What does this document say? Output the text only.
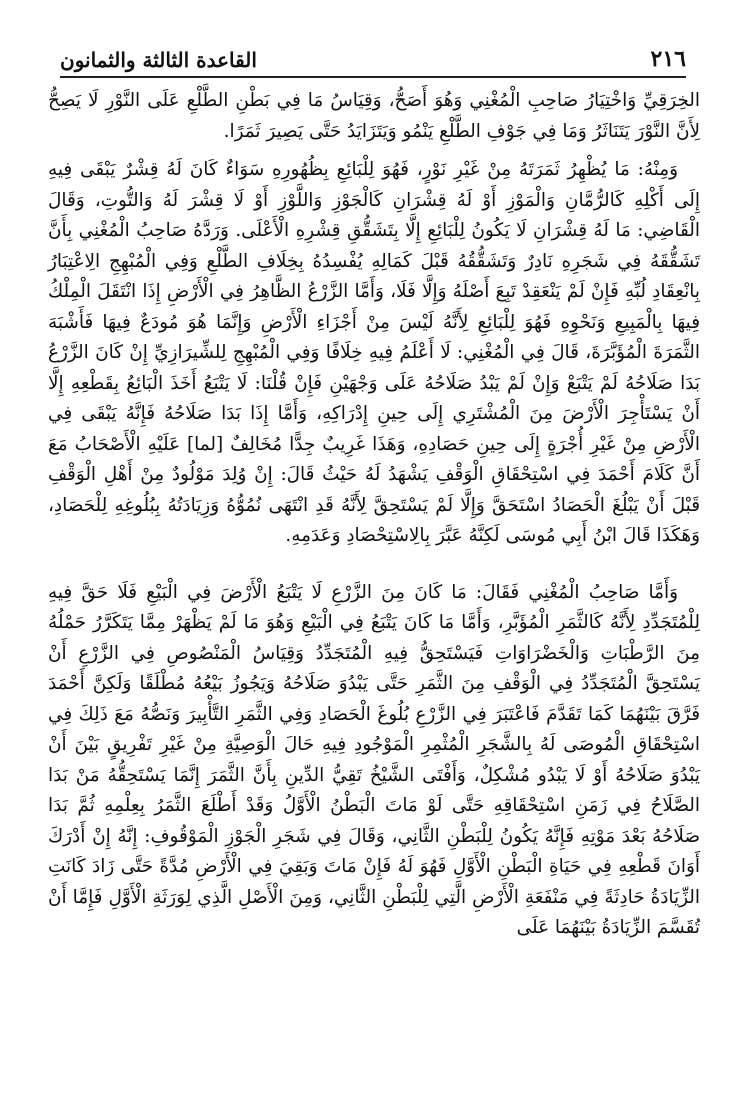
٢١٦
القاعدة الثالثة والثمانون

الخِرَقِيِّ وَاخْتِيَارُ صَاحِبِ الْمُغْنِي وَهُوَ أَصَحُّ، وَقِيَاسُ مَا فِي بَطْنِ الطَّلْعِ عَلَى النَّوْرِ لَا يَصِحُّ لِأَنَّ النَّوْرَ يَتَنَاثَرُ وَمَا فِي جَوْفِ الطَّلْعِ يَنْمُو وَيَتَزَايَدُ حَتَّى يَصِيرَ ثَمَرًا.

وَمِنْهُ: مَا يُظْهِرُ ثَمَرَتَهُ مِنْ غَيْرِ نَوْرٍ، فَهُوَ لِلْبَائِعِ بِظُهُورِهِ سَوَاءٌ كَانَ لَهُ قِشْرٌ يَبْقَى فِيهِ إِلَى أَكْلِهِ كَالرُّمَّانِ وَالْمَوْزِ أَوْ لَهُ قِشْرَانِ كَالْجَوْزِ وَاللَّوْزِ أَوْ لَا قِشْرَ لَهُ وَالتُّوتِ، وَقَالَ الْقَاضِي: مَا لَهُ قِشْرَانِ لَا يَكُونُ لِلْبَائِعِ إِلَّا بِتَشَقُّقِ قِشْرِهِ الْأَعْلَى. وَرَدَّهُ صَاحِبُ الْمُغْنِي بِأَنَّ تَشَقُّقَهُ فِي شَجَرِهِ نَادِرٌ وَتَشَقُّقُهُ قَبْلَ كَمَالِهِ يُفْسِدُهُ بِخِلَافِ الطَّلْعِ وَفِي الْمُبْهِجِ الِاعْتِبَارُ بِانْعِقَادِ لُبِّهِ فَإِنْ لَمْ يَنْعَقِدْ تَبِعَ أَصْلَهُ وَإِلَّا فَلَا، وَأَمَّا الزَّرْعُ الظَّاهِرُ فِي الْأَرْضِ إِذَا انْتَقَلَ الْمِلْكُ فِيهَا بِالْمَبِيعِ وَنَحْوِهِ فَهُوَ لِلْبَائِعِ لِأَنَّهُ لَيْسَ مِنْ أَجْزَاءِ الْأَرْضِ وَإِنَّمَا هُوَ مُودَعٌ فِيهَا فَأَشْبَهَ الثَّمَرَةَ الْمُؤَبَّرَةَ، قَالَ فِي الْمُغْنِي: لَا أَعْلَمُ فِيهِ خِلَافًا وَفِي الْمُبْهِجِ لِلشِّيرَازِيِّ إِنْ كَانَ الزَّرْعُ بَدَا صَلَاحُهُ لَمْ يَتْبَعْ وَإِنْ لَمْ يَبْدُ صَلَاحُهُ عَلَى وَجْهَيْنِ فَإِنْ قُلْنَا: لَا يَتْبَعُ أَخَذَ الْبَائِعُ بِقَطْعِهِ إِلَّا أَنْ يَسْتَأْجِرَ الْأَرْضَ مِنَ الْمُشْتَرِي إِلَى حِينِ إِدْرَاكِهِ، وَأَمَّا إِذَا بَدَا صَلَاحُهُ فَإِنَّهُ يَبْقَى فِي الْأَرْضِ مِنْ غَيْرِ أُجْرَةٍ إِلَى حِينِ حَصَادِهِ، وَهَذَا غَرِيبٌ جِدًّا مُخَالِفٌ [لما] عَلَيْهِ الْأَصْحَابُ مَعَ أَنَّ كَلَامَ أَحْمَدَ فِي اسْتِحْقَاقِ الْوَقْفِ يَشْهَدُ لَهُ حَيْثُ قَالَ: إِنْ وُلِدَ مَوْلُودٌ مِنْ أَهْلِ الْوَقْفِ قَبْلَ أَنْ يَبْلُغَ الْحَصَادُ اسْتَحَقَّ وَإِلَّا لَمْ يَسْتَحِقَّ لِأَنَّهُ قَدِ انْتَهَى نُمُوُّهُ وَزِيَادَتُهُ بِبُلُوغِهِ لِلْحَصَادِ، وَهَكَذَا قَالَ ابْنُ أَبِي مُوسَى لَكِنَّهُ عَبَّرَ بِالِاسْتِحْصَادِ وَعَدَمِهِ.

وَأَمَّا صَاحِبُ الْمُغْنِي فَقَالَ: مَا كَانَ مِنَ الزَّرْعِ لَا يَتْبَعُ الْأَرْضَ فِي الْبَيْعِ فَلَا حَقَّ فِيهِ لِلْمُتَجَدِّدِ لِأَنَّهُ كَالثَّمَرِ الْمُؤَبَّرِ، وَأَمَّا مَا كَانَ يَتْبَعُ فِي الْبَيْعِ وَهُوَ مَا لَمْ يَظْهَرْ مِمَّا يَتَكَرَّرُ حَمْلُهُ مِنَ الرَّطْبَاتِ وَالْخَضْرَاوَاتِ فَيَسْتَحِقُّ فِيهِ الْمُتَجَدِّدُ وَقِيَاسُ الْمَنْصُوصِ فِي الزَّرْعِ أَنْ يَسْتَحِقَّ الْمُتَجَدِّدُ فِي الْوَقْفِ مِنَ الثَّمَرِ حَتَّى يَبْدُوَ صَلَاحُهُ وَيَجُوزُ بَيْعُهُ مُطْلَقًا وَلَكِنَّ أَحْمَدَ فَرَّقَ بَيْنَهُمَا كَمَا تَقَدَّمَ فَاعْتَبَرَ فِي الزَّرْعِ بُلُوغَ الْحَصَادِ وَفِي الثَّمَرِ التَّأْبِيرَ وَنَصُّهُ مَعَ ذَلِكَ فِي اسْتِحْقَاقِ الْمُوصَى لَهُ بِالشَّجَرِ الْمُثْمِرِ الْمَوْجُودِ فِيهِ حَالَ الْوَصِيَّةِ مِنْ غَيْرِ تَفْرِيقٍ بَيْنَ أَنْ يَبْدُوَ صَلَاحُهُ أَوْ لَا يَبْدُو مُشْكِلٌ، وَأَفْتَى الشَّيْخُ تَقِيُّ الدِّينِ بِأَنَّ الثَّمَرَ إِنَّمَا يَسْتَحِقُّهُ مَنْ بَدَا الصَّلَاحُ فِي زَمَنِ اسْتِحْقَاقِهِ حَتَّى لَوْ مَاتَ الْبَطْنُ الْأَوَّلُ وَقَدْ أَطْلَعَ الثَّمَرُ بِعِلْمِهِ ثُمَّ بَدَا صَلَاحُهُ بَعْدَ مَوْتِهِ فَإِنَّهُ يَكُونُ لِلْبَطْنِ الثَّانِي، وَقَالَ فِي شَجَرِ الْجَوْزِ الْمَوْقُوفِ: إِنَّهُ إِنْ أَدْرَكَ أَوَانَ قَطْعِهِ فِي حَيَاةِ الْبَطْنِ الْأَوَّلِ فَهُوَ لَهُ فَإِنْ مَاتَ وَبَقِيَ فِي الْأَرْضِ مُدَّةً حَتَّى زَادَ كَانَتِ الزِّيَادَةُ حَادِثَةً فِي مَنْفَعَةِ الْأَرْضِ الَّتِي لِلْبَطْنِ الثَّانِي، وَمِنَ الْأَصْلِ الَّذِي لِوَرَثَةِ الْأَوَّلِ فَإِمَّا أَنْ تُقَسَّمَ الزِّيَادَةُ بَيْنَهُمَا عَلَى
